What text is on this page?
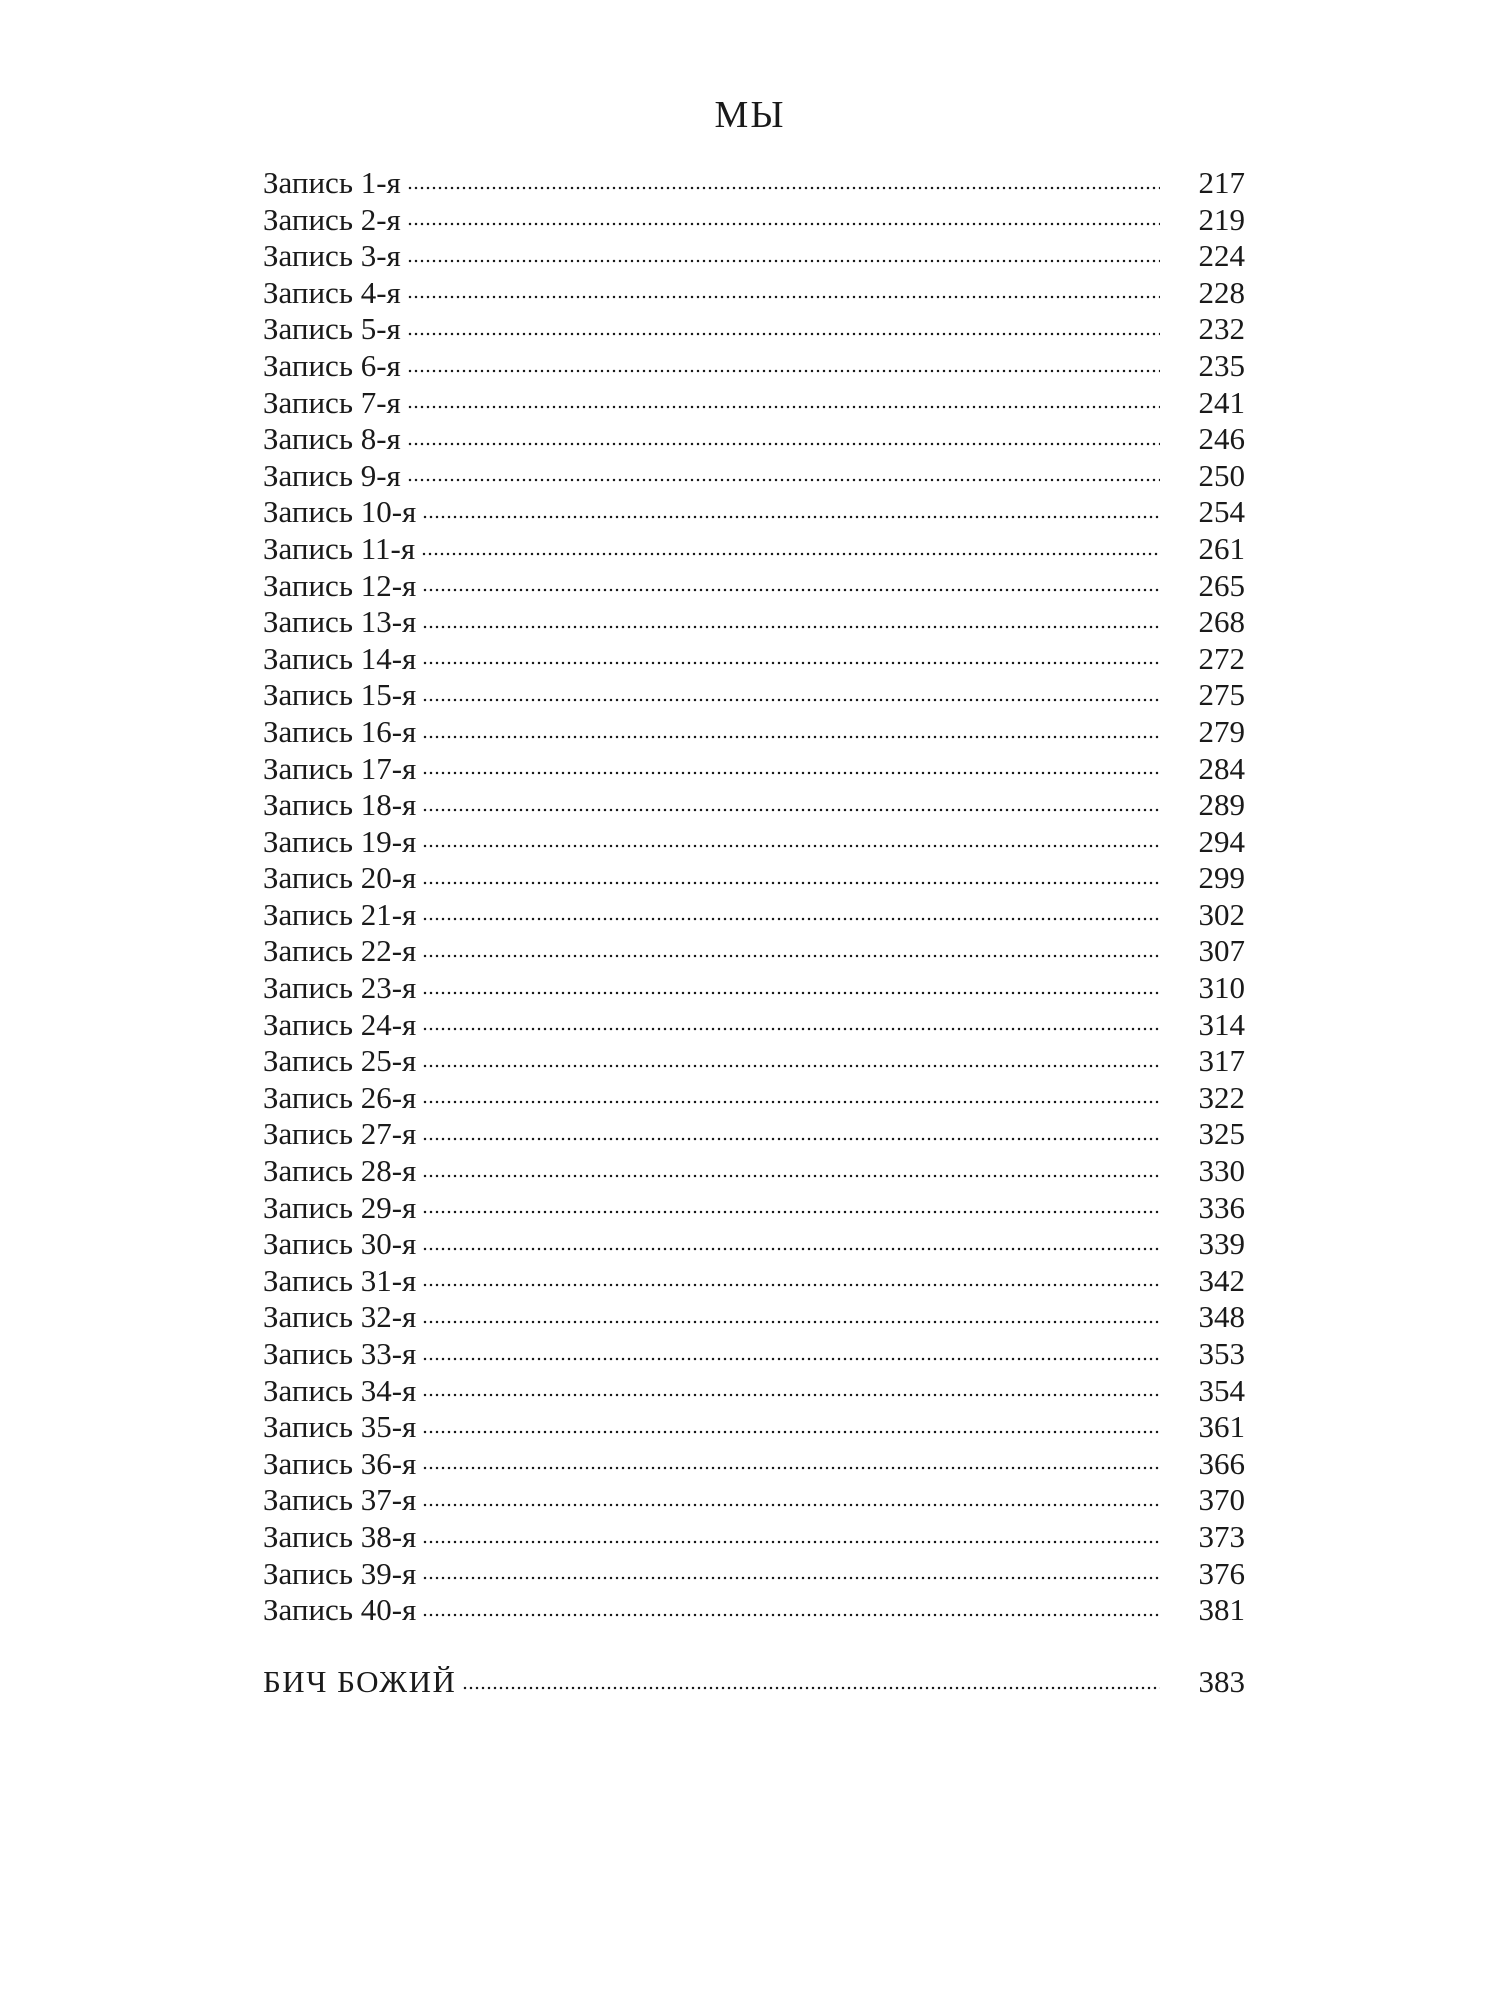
МЫ
Запись 1-я	217
Запись 2-я	219
Запись 3-я	224
Запись 4-я	228
Запись 5-я	232
Запись 6-я	235
Запись 7-я	241
Запись 8-я	246
Запись 9-я	250
Запись 10-я	254
Запись 11-я	261
Запись 12-я	265
Запись 13-я	268
Запись 14-я	272
Запись 15-я	275
Запись 16-я	279
Запись 17-я	284
Запись 18-я	289
Запись 19-я	294
Запись 20-я	299
Запись 21-я	302
Запись 22-я	307
Запись 23-я	310
Запись 24-я	314
Запись 25-я	317
Запись 26-я	322
Запись 27-я	325
Запись 28-я	330
Запись 29-я	336
Запись 30-я	339
Запись 31-я	342
Запись 32-я	348
Запись 33-я	353
Запись 34-я	354
Запись 35-я	361
Запись 36-я	366
Запись 37-я	370
Запись 38-я	373
Запись 39-я	376
Запись 40-я	381
БИЧ БОЖИЙ	383
